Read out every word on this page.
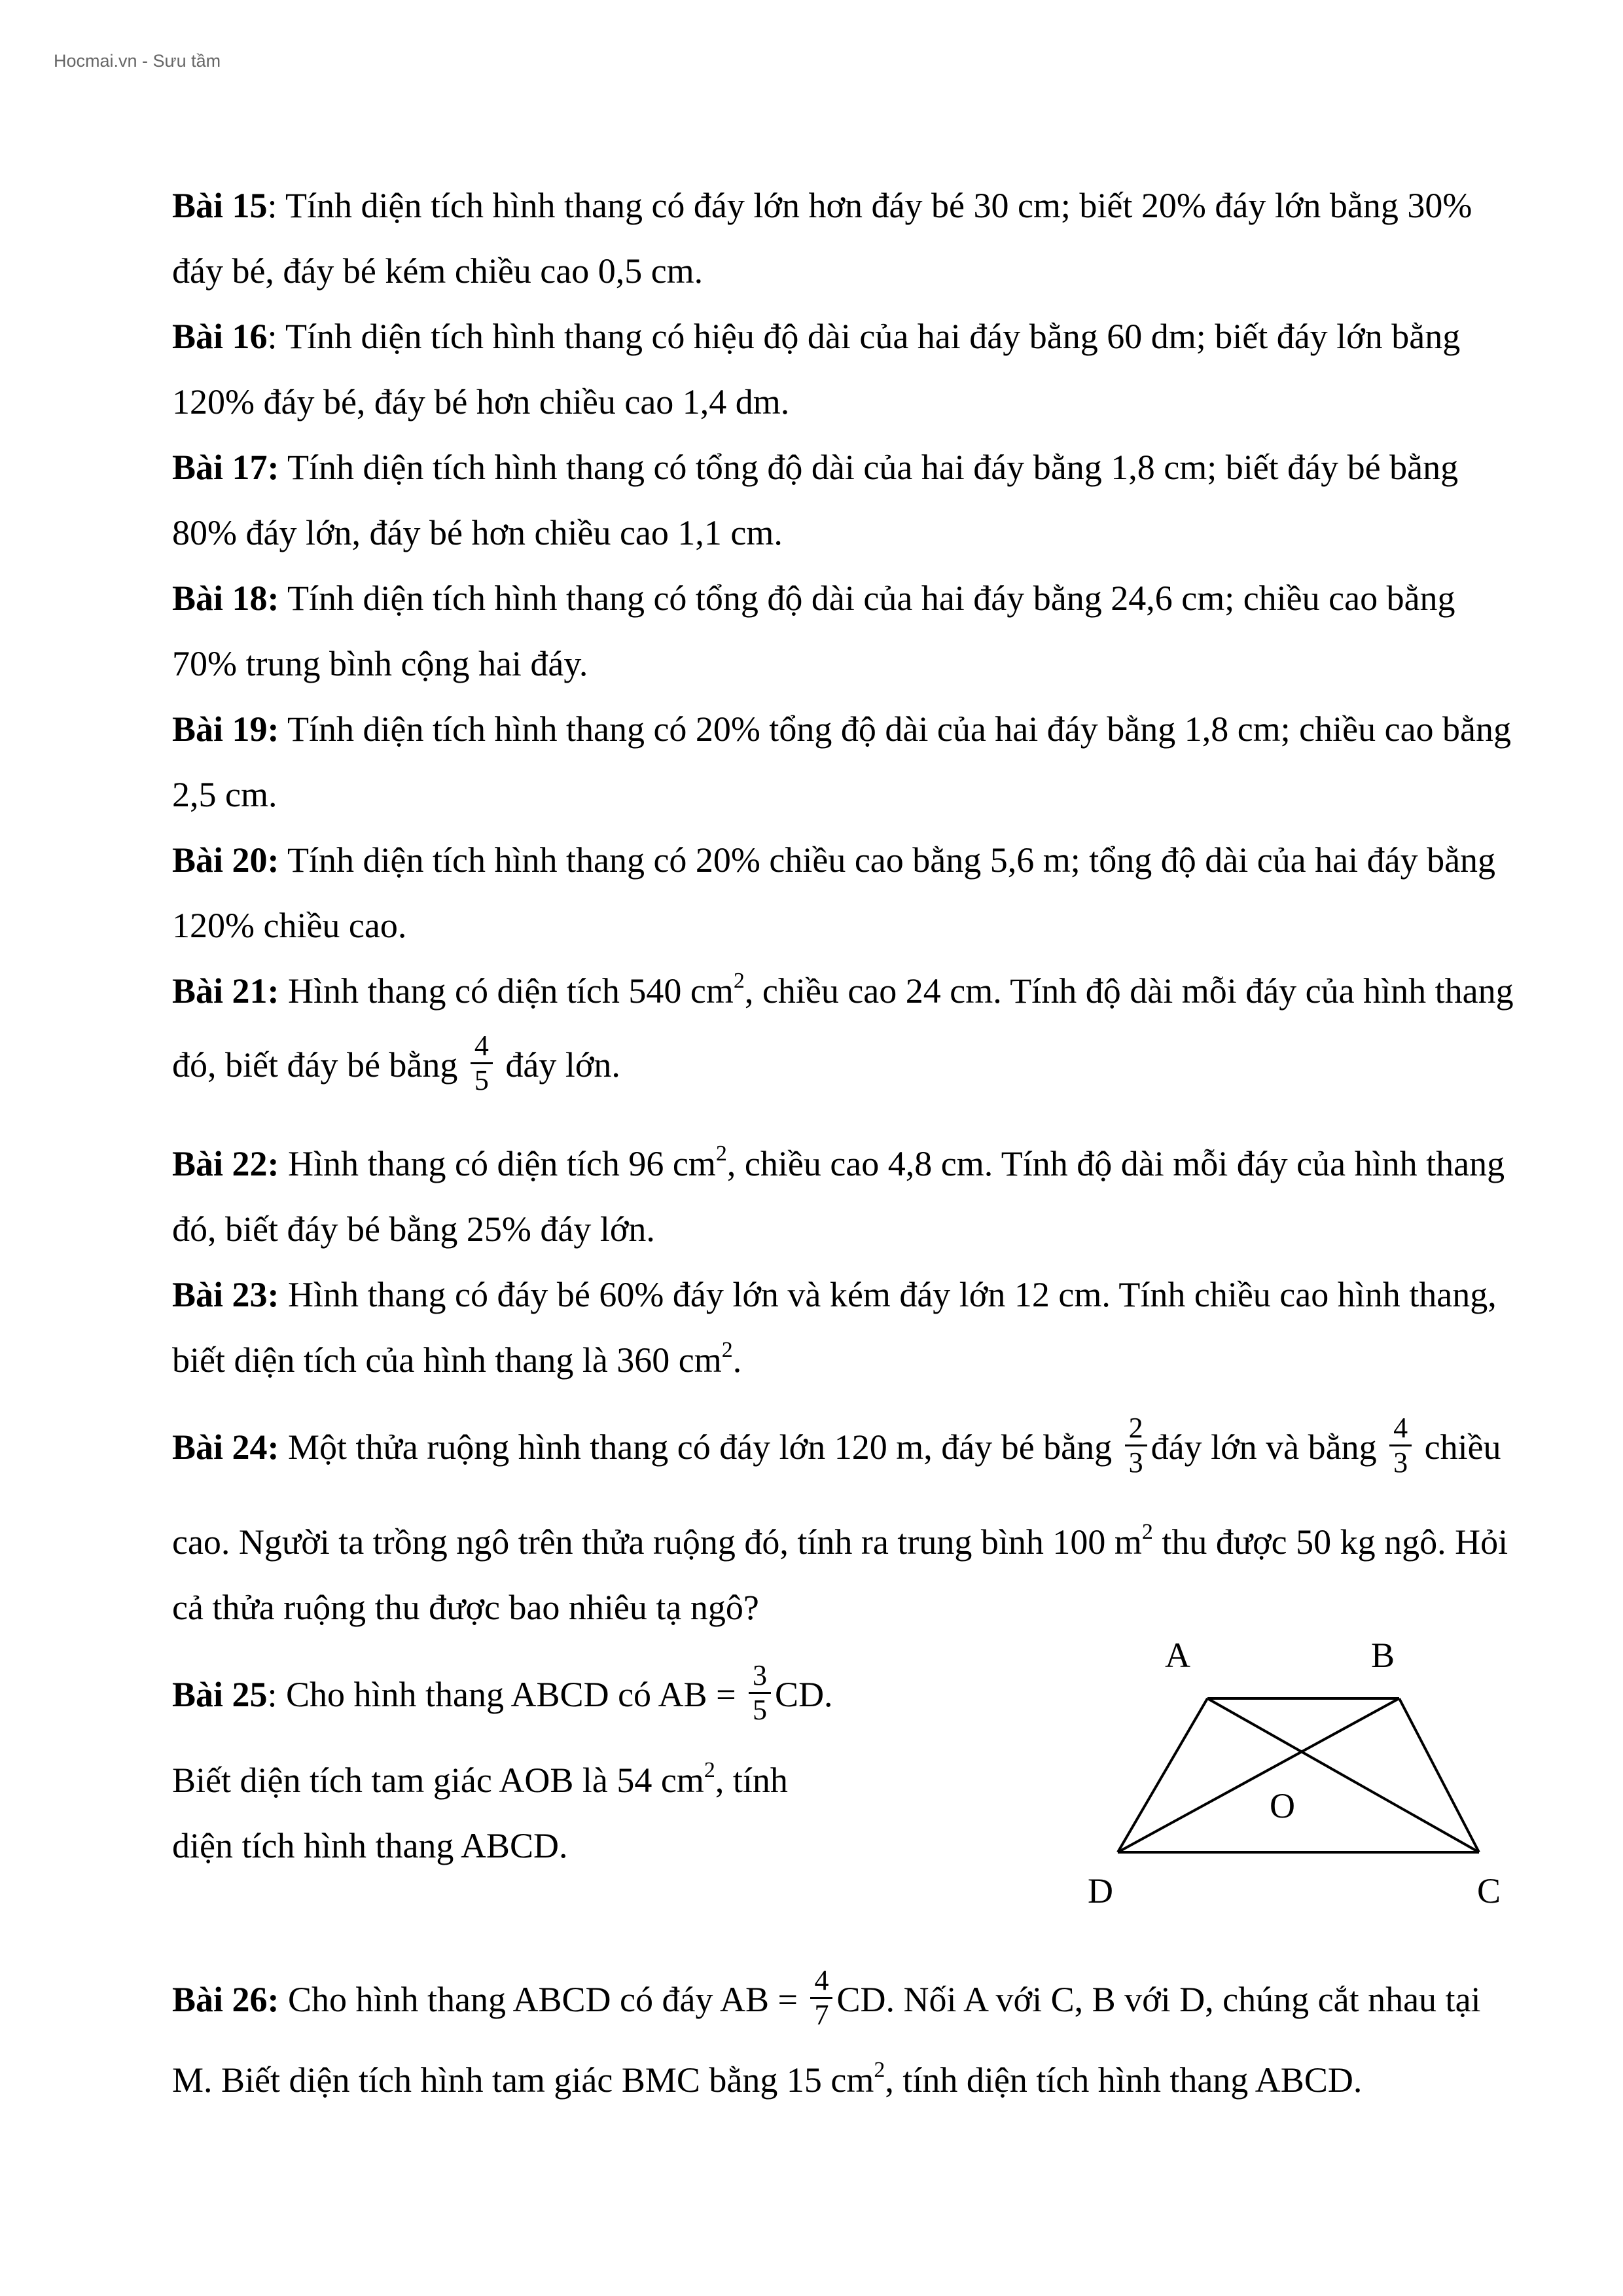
Hocmai.vn - Sưu tầm
Bài 15: Tính diện tích hình thang có đáy lớn hơn đáy bé 30 cm; biết 20% đáy lớn bằng 30%
đáy bé, đáy bé kém chiều cao 0,5 cm.
Bài 16: Tính diện tích hình thang có hiệu độ dài của hai đáy bằng 60 dm; biết đáy lớn bằng
120% đáy bé, đáy bé hơn chiều cao 1,4 dm.
Bài 17: Tính diện tích hình thang có tổng độ dài của hai đáy bằng 1,8 cm; biết đáy bé bằng
80% đáy lớn, đáy bé hơn chiều cao 1,1 cm.
Bài 18: Tính diện tích hình thang có tổng độ dài của hai đáy bằng 24,6 cm; chiều cao bằng
70% trung bình cộng hai đáy.
Bài 19: Tính diện tích hình thang có 20% tổng độ dài của hai đáy bằng 1,8 cm; chiều cao bằng
2,5 cm.
Bài 20: Tính diện tích hình thang có 20% chiều cao bằng 5,6 m; tổng độ dài của hai đáy bằng
120% chiều cao.
Bài 21: Hình thang có diện tích 540 $cm^2$, chiều cao 24 cm. Tính độ dài mỗi đáy của hình thang
đó, biết đáy bé bằng $\frac{4}{5}$ đáy lớn.
Bài 22: Hình thang có diện tích 96 $cm^2$, chiều cao 4,8 cm. Tính độ dài mỗi đáy của hình thang
đó, biết đáy bé bằng 25% đáy lớn.
Bài 23: Hình thang có đáy bé 60% đáy lớn và kém đáy lớn 12 cm. Tính chiều cao hình thang,
biết diện tích của hình thang là 360 $cm^2$.
Bài 24: Một thửa ruộng hình thang có đáy lớn 120 m, đáy bé bằng $\frac{2}{3}$ đáy lớn và bằng $\frac{4}{3}$ chiều
cao. Người ta trồng ngô trên thửa ruộng đó, tính ra trung bình 100 $m^2$ thu được 50 kg ngô. Hỏi
cả thửa ruộng thu được bao nhiêu tạ ngô?
Bài 25: Cho hình thang ABCD có AB = $\frac{3}{5}$ CD.
Biết diện tích tam giác AOB là 54 $cm^2$, tính
diện tích hình thang ABCD.
Bài 26: Cho hình thang ABCD có đáy AB = $\frac{4}{7}$ CD. Nối A với C, B với D, chúng cắt nhau tại
M. Biết diện tích hình tam giác BMC bằng 15 $cm^2$, tính diện tích hình thang ABCD.
A	B
O
D	C
